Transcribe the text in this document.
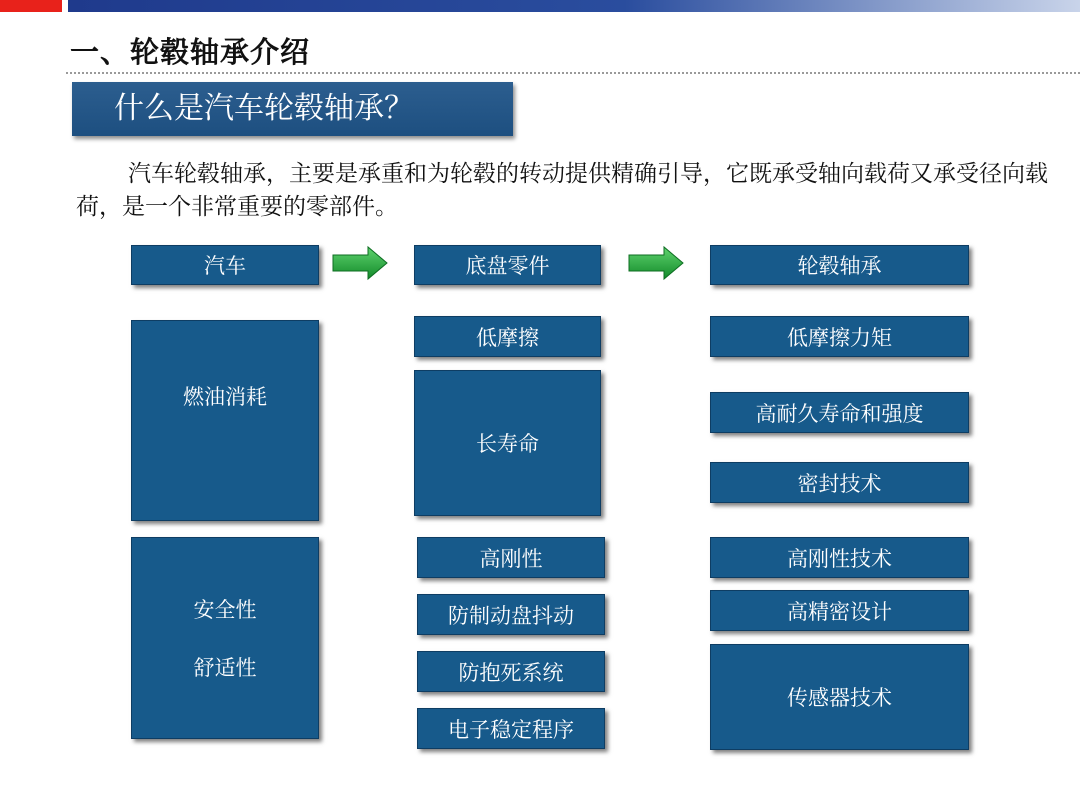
一、轮毂轴承介绍
什么是汽车轮毂轴承？
汽车轮毂轴承，主要是承重和为轮毂的转动提供精确引导，它既承受轴向载荷又承受径向载荷，是一个非常重要的零部件。
汽车	底盘零件	轮毂轴承
燃油消耗
安全性
舒适性
低摩擦
长寿命
高刚性
防制动盘抖动
防抱死系统
电子稳定程序
低摩擦力矩
高耐久寿命和强度
密封技术
高刚性技术
高精密设计
传感器技术
